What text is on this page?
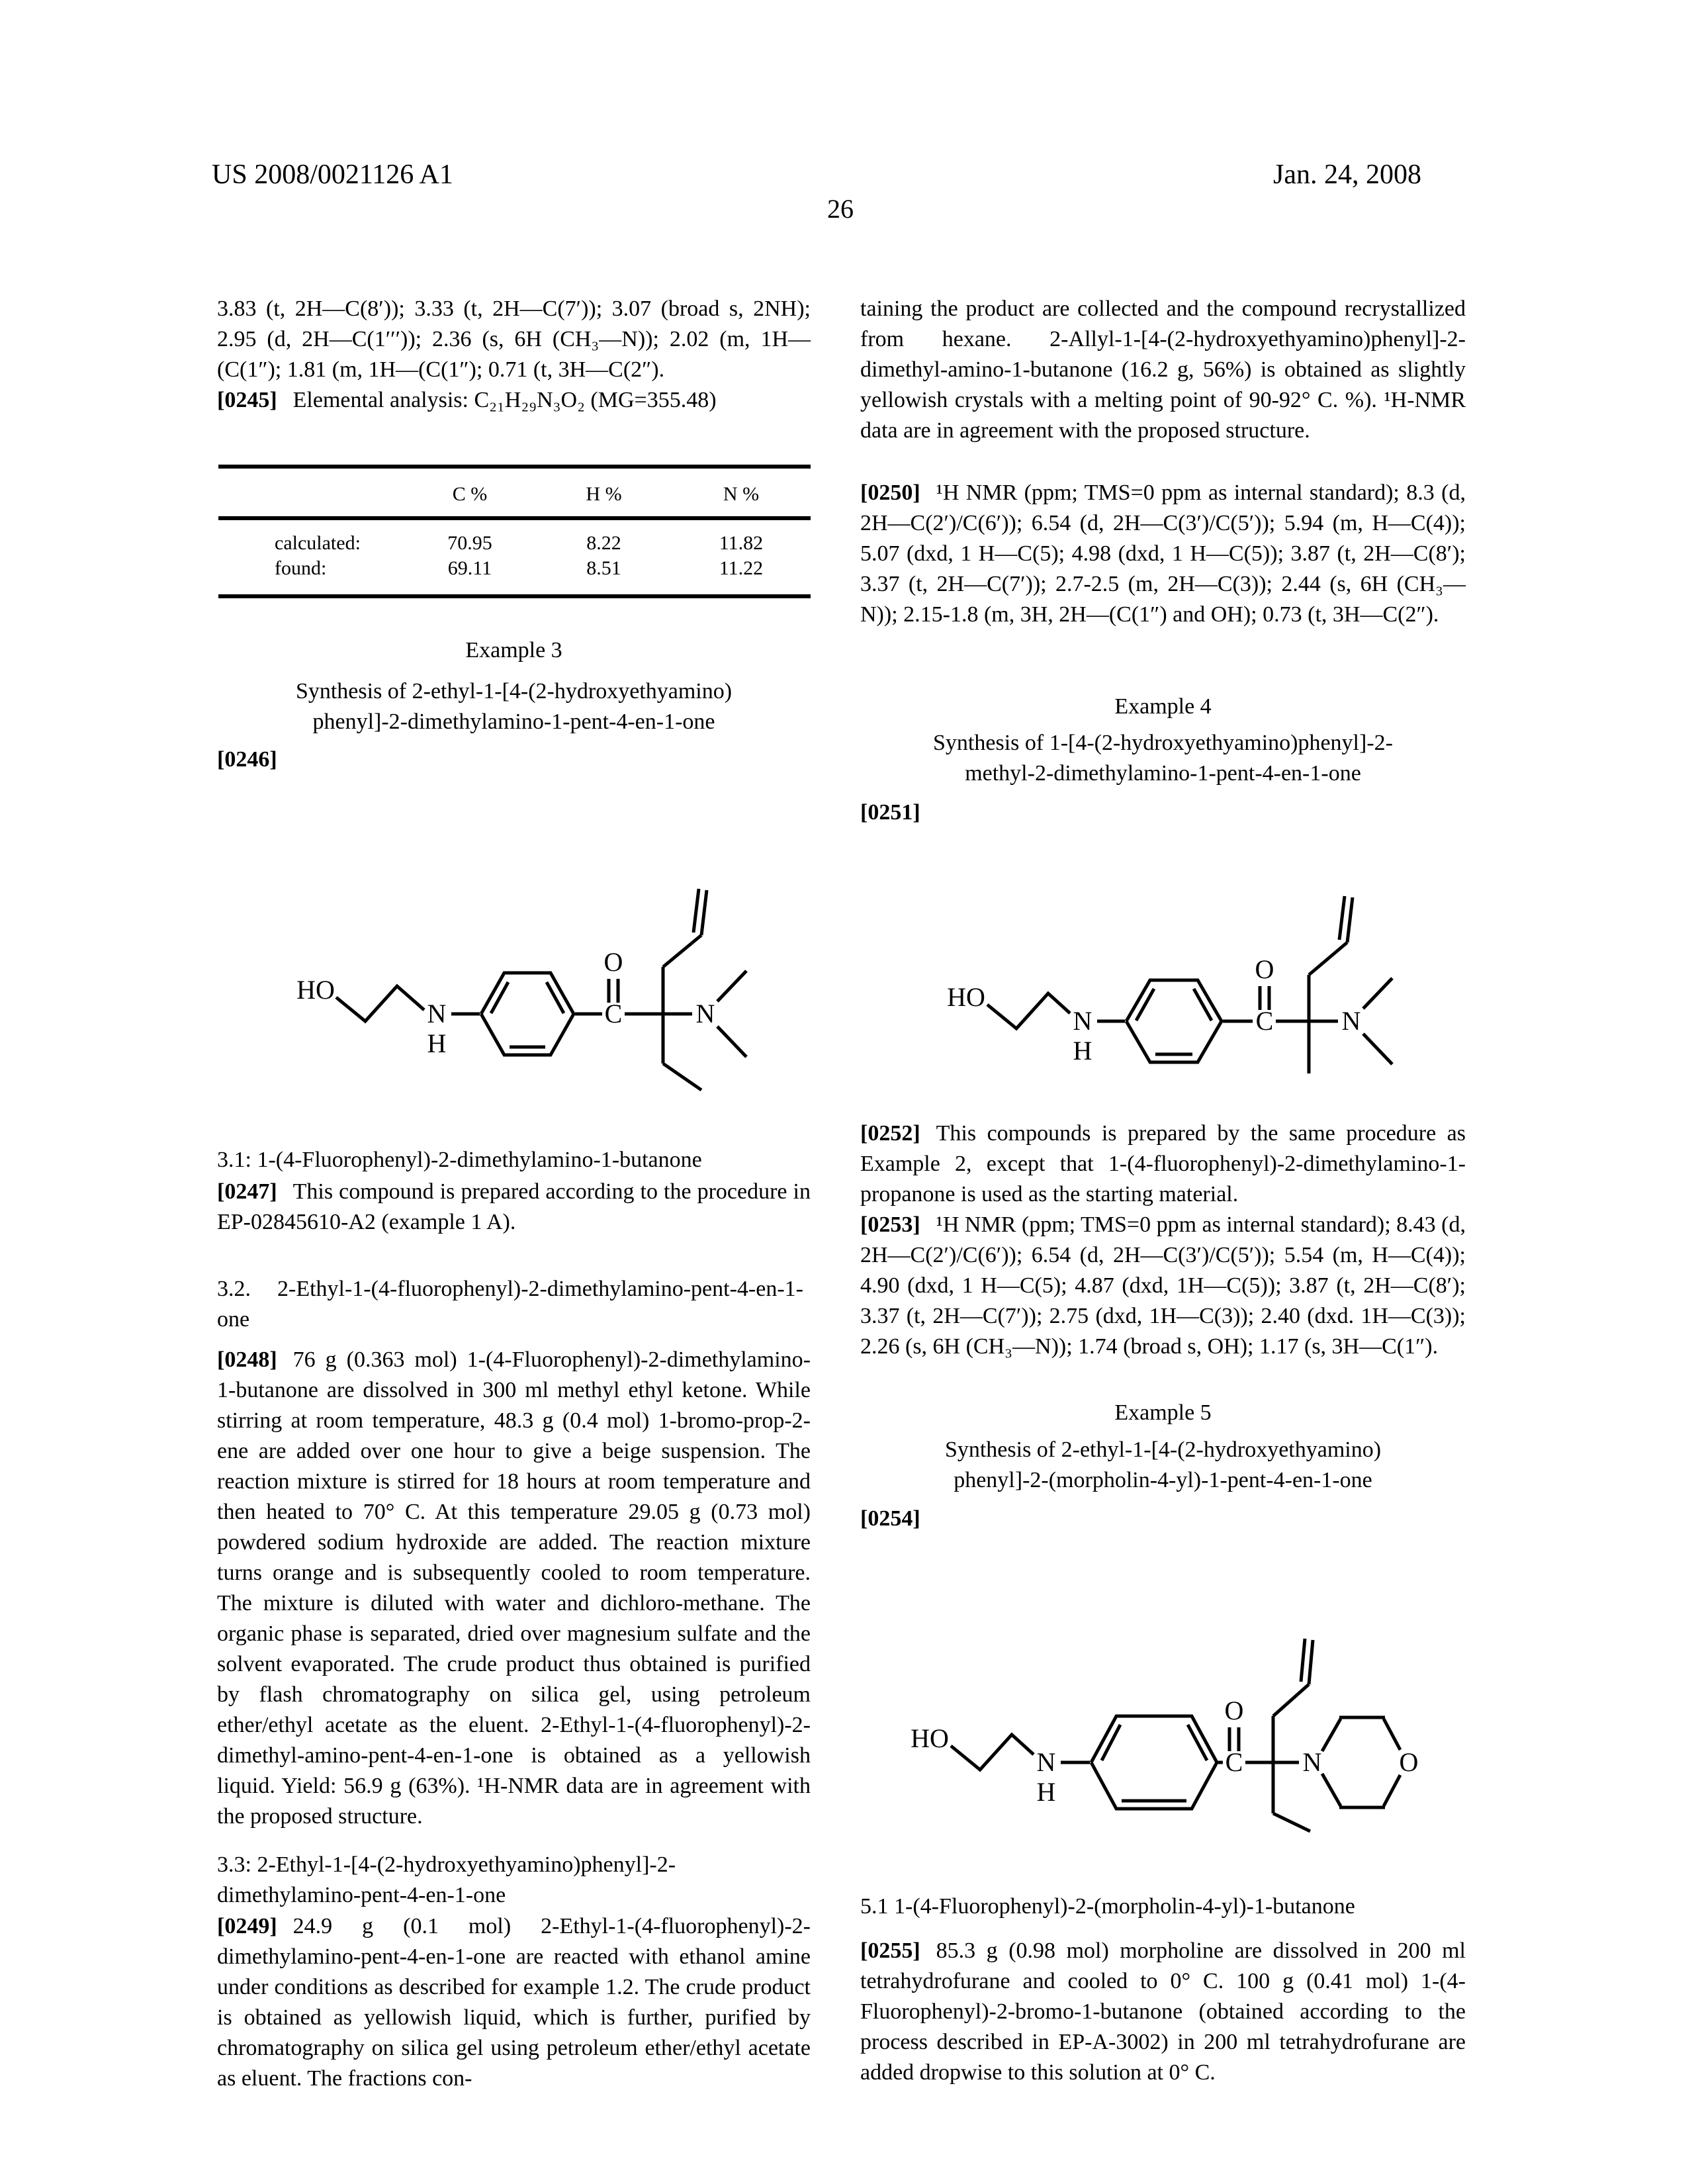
US 2008/0021126 A1	Jan. 24, 2008
26
3.83 (t, 2H—C(8′)); 3.33 (t, 2H—C(7′)); 3.07 (broad s, 2NH); 2.95 (d, 2H—C(1′′′)); 2.36 (s, 6H (CH₃—N)); 2.02 (m, 1H—(C(1″); 1.81 (m, 1H—(C(1″); 0.71 (t, 3H—C(2″).
[0245] Elemental analysis: C₂₁H₂₉N₃O₂ (MG=355.48)
C %	H %	N %
calculated:	70.95	8.22	11.82
found:	69.11	8.51	11.22
Example 3
Synthesis of 2-ethyl-1-[4-(2-hydroxyethyamino)
phenyl]-2-dimethylamino-1-pent-4-en-1-one
[0246]
HO
N
H
C
O
N
3.1: 1-(4-Fluorophenyl)-2-dimethylamino-1-butanone
[0247] This compound is prepared according to the procedure in EP-02845610-A2 (example 1 A).
3.2. 2-Ethyl-1-(4-fluorophenyl)-2-dimethylamino-pent-4-en-1-one
[0248] 76 g (0.363 mol) 1-(4-Fluorophenyl)-2-dimethylamino-1-butanone are dissolved in 300 ml methyl ethyl ketone. While stirring at room temperature, 48.3 g (0.4 mol) 1-bromo-prop-2-ene are added over one hour to give a beige suspension. The reaction mixture is stirred for 18 hours at room temperature and then heated to 70° C. At this temperature 29.05 g (0.73 mol) powdered sodium hydroxide are added. The reaction mixture turns orange and is subsequently cooled to room temperature. The mixture is diluted with water and dichloro-methane. The organic phase is separated, dried over magnesium sulfate and the solvent evaporated. The crude product thus obtained is purified by flash chromatography on silica gel, using petroleum ether/ethyl acetate as the eluent. 2-Ethyl-1-(4-fluorophenyl)-2-dimethyl-amino-pent-4-en-1-one is obtained as a yellowish liquid. Yield: 56.9 g (63%). ¹H-NMR data are in agreement with the proposed structure.
3.3: 2-Ethyl-1-[4-(2-hydroxyethyamino)phenyl]-2-dimethylamino-pent-4-en-1-one
[0249] 24.9 g (0.1 mol) 2-Ethyl-1-(4-fluorophenyl)-2-dimethylamino-pent-4-en-1-one are reacted with ethanol amine under conditions as described for example 1.2. The crude product is obtained as yellowish liquid, which is further, purified by chromatography on silica gel using petroleum ether/ethyl acetate as eluent. The fractions con-
taining the product are collected and the compound recrystallized from hexane. 2-Allyl-1-[4-(2-hydroxyethyamino)phenyl]-2-dimethyl-amino-1-butanone (16.2 g, 56%) is obtained as slightly yellowish crystals with a melting point of 90-92° C. %). ¹H-NMR data are in agreement with the proposed structure.
[0250] ¹H NMR (ppm; TMS=0 ppm as internal standard); 8.3 (d, 2H—C(2′)/C(6′)); 6.54 (d, 2H—C(3′)/C(5′)); 5.94 (m, H—C(4)); 5.07 (dxd, 1 H—C(5); 4.98 (dxd, 1 H—C(5)); 3.87 (t, 2H—C(8′); 3.37 (t, 2H—C(7′)); 2.7-2.5 (m, 2H—C(3)); 2.44 (s, 6H (CH₃—N)); 2.15-1.8 (m, 3H, 2H—(C(1″) and OH); 0.73 (t, 3H—C(2″).
Example 4
Synthesis of 1-[4-(2-hydroxyethyamino)phenyl]-2-
methyl-2-dimethylamino-1-pent-4-en-1-one
[0251]
HO
N
H
C
O
N
[0252] This compounds is prepared by the same procedure as Example 2, except that 1-(4-fluorophenyl)-2-dimethylamino-1-propanone is used as the starting material.
[0253] ¹H NMR (ppm; TMS=0 ppm as internal standard); 8.43 (d, 2H—C(2′)/C(6′)); 6.54 (d, 2H—C(3′)/C(5′)); 5.54 (m, H—C(4)); 4.90 (dxd, 1 H—C(5); 4.87 (dxd, 1H—C(5)); 3.87 (t, 2H—C(8′); 3.37 (t, 2H—C(7′)); 2.75 (dxd, 1H—C(3)); 2.40 (dxd. 1H—C(3)); 2.26 (s, 6H (CH₃—N)); 1.74 (broad s, OH); 1.17 (s, 3H—C(1″).
Example 5
Synthesis of 2-ethyl-1-[4-(2-hydroxyethyamino)
phenyl]-2-(morpholin-4-yl)-1-pent-4-en-1-one
[0254]
HO
N
H
C
O
N	O
5.1 1-(4-Fluorophenyl)-2-(morpholin-4-yl)-1-butanone
[0255] 85.3 g (0.98 mol) morpholine are dissolved in 200 ml tetrahydrofurane and cooled to 0° C. 100 g (0.41 mol) 1-(4-Fluorophenyl)-2-bromo-1-butanone (obtained according to the process described in EP-A-3002) in 200 ml tetrahydrofurane are added dropwise to this solution at 0° C.
